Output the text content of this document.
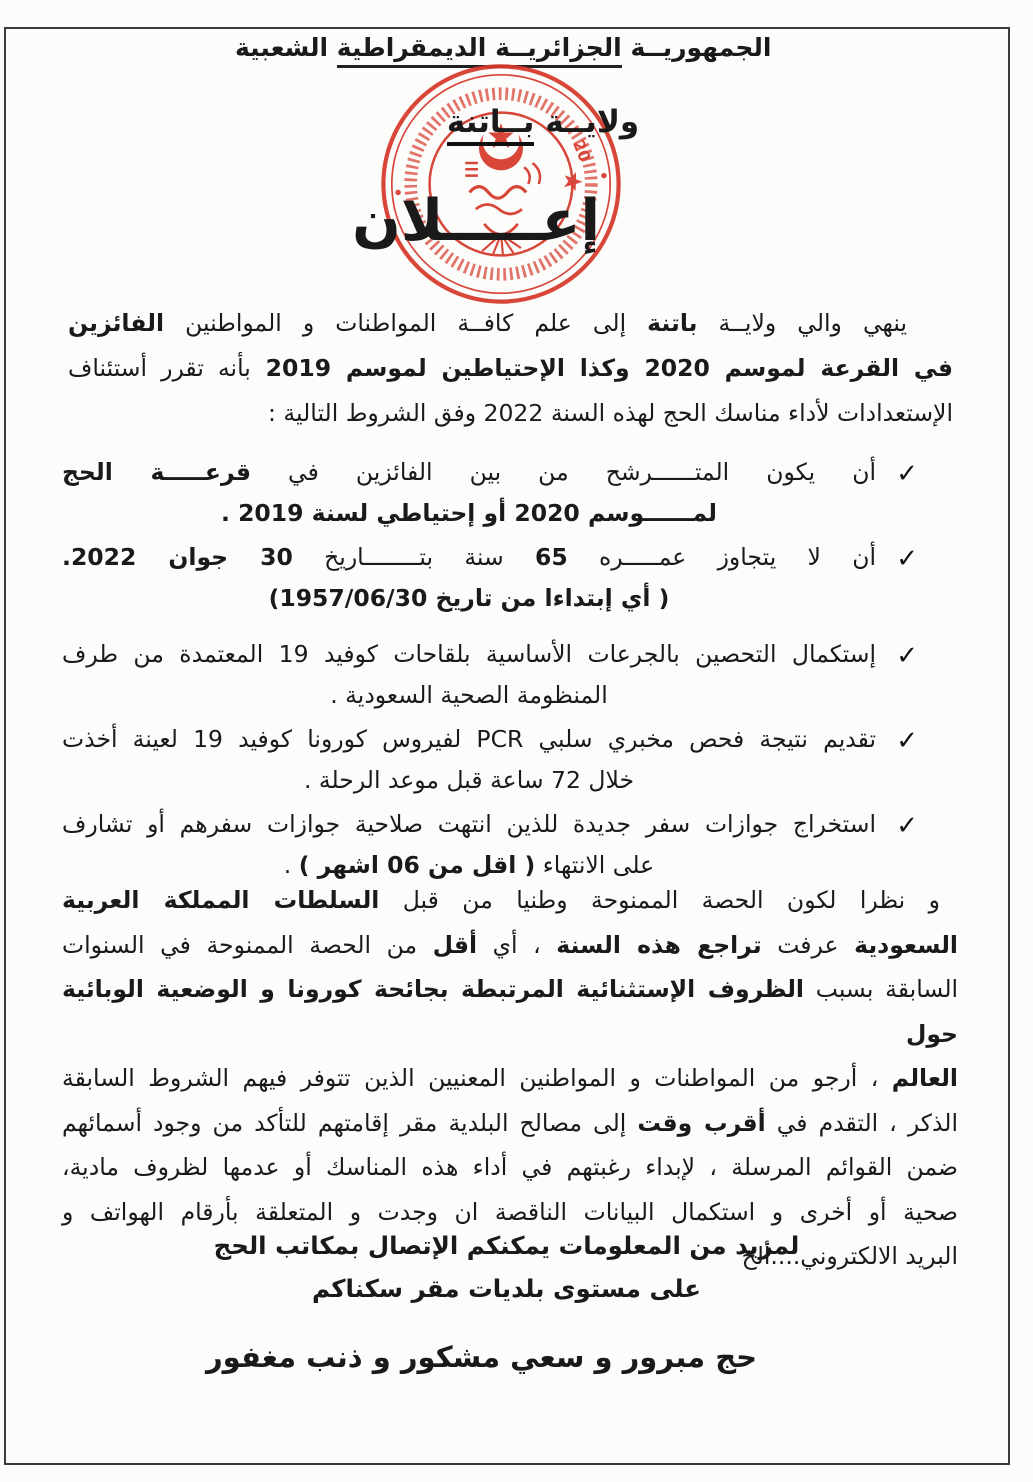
الجمهوريــة الجزائريــة الديمقراطية الشعبية
20
ولايــة بــاتنة
إعـــــلان
ينهي والي ولايــة باتنة إلى علم كافــة المواطنات و المواطنين الفائزين
في القرعة لموسم 2020 وكذا الإحتياطين لموسم 2019 بأنه تقرر أستئناف
الإستعدادات لأداء مناسك الحج لهذه السنة 2022 وفق الشروط التالية :
✓
أن يكون المتــــــرشح من بين الفائزين في قرعـــــة الحج
لمــــــوسم 2020 أو إحتياطي لسنة 2019 .
✓
أن لا يتجاوز عمـــــره 65 سنة بتــــــــاريخ 30 جوان 2022.
( أي إبتداءا من تاريخ 1957/06/30)
✓
إستكمال التحصين بالجرعات الأساسية بلقاحات كوفيد 19 المعتمدة من طرف
المنظومة الصحية السعودية .
✓
تقديم نتيجة فحص مخبري سلبي PCR لفيروس كورونا كوفيد 19 لعينة أخذت
خلال 72 ساعة قبل موعد الرحلة .
✓
استخراج جوازات سفر جديدة للذين انتهت صلاحية جوازات سفرهم أو تشارف
على الانتهاء ( اقل من 06 اشهر ) .
و نظرا لكون الحصة الممنوحة وطنيا من قبل السلطات المملكة العربية
السعودية عرفت تراجع هذه السنة ، أي أقل من الحصة الممنوحة في السنوات
السابقة بسبب الظروف الإستثنائية المرتبطة بجائحة كورونا و الوضعية الوبائية حول
العالم ، أرجو من المواطنات و المواطنين المعنيين الذين تتوفر فيهم الشروط السابقة
الذكر ، التقدم في أقرب وقت إلى مصالح البلدية مقر إقامتهم للتأكد من وجود أسمائهم
ضمن القوائم المرسلة ، لإبداء رغبتهم في أداء هذه المناسك أو عدمها لظروف مادية،
صحية أو أخرى و استكمال البيانات الناقصة ان وجدت و المتعلقة بأرقام الهواتف و
البريد الالكتروني....ألخ
لمزيد من المعلومات يمكنكم الإتصال بمكاتب الحج
على مستوى بلديات مقر سكناكم
حج مبرور و سعي مشكور و ذنب مغفور
